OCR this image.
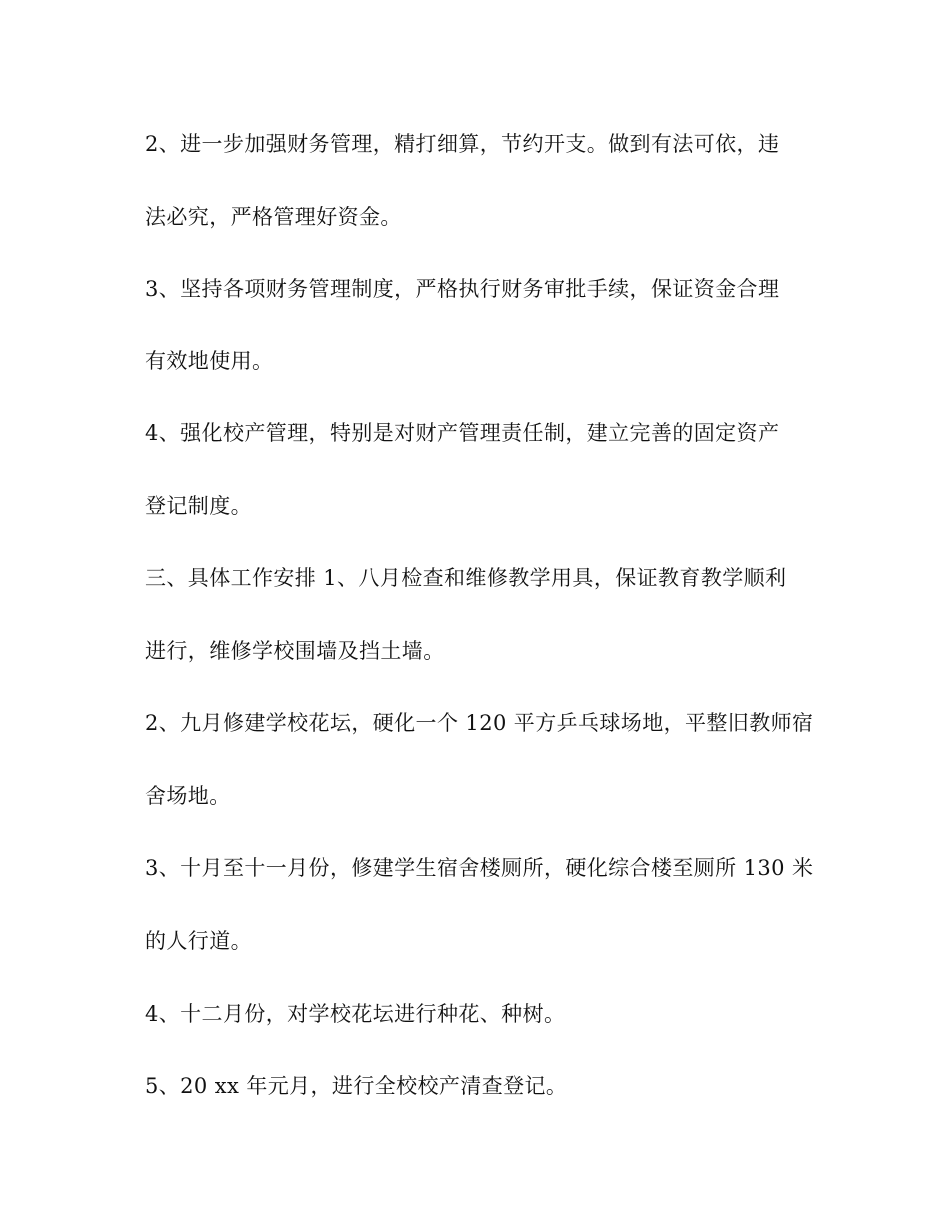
2、进一步加强财务管理，精打细算，节约开支。做到有法可依，违
法必究，严格管理好资金。
3、坚持各项财务管理制度，严格执行财务审批手续，保证资金合理
有效地使用。
4、强化校产管理，特别是对财产管理责任制，建立完善的固定资产
登记制度。
三、具体工作安排 1、八月检查和维修教学用具，保证教育教学顺利
进行，维修学校围墙及挡土墙。
2、九月修建学校花坛，硬化一个 120 平方乒乓球场地，平整旧教师宿
舍场地。
3、十月至十一月份，修建学生宿舍楼厕所，硬化综合楼至厕所 130 米
的人行道。
4、十二月份，对学校花坛进行种花、种树。
5、20 xx 年元月，进行全校校产清查登记。
